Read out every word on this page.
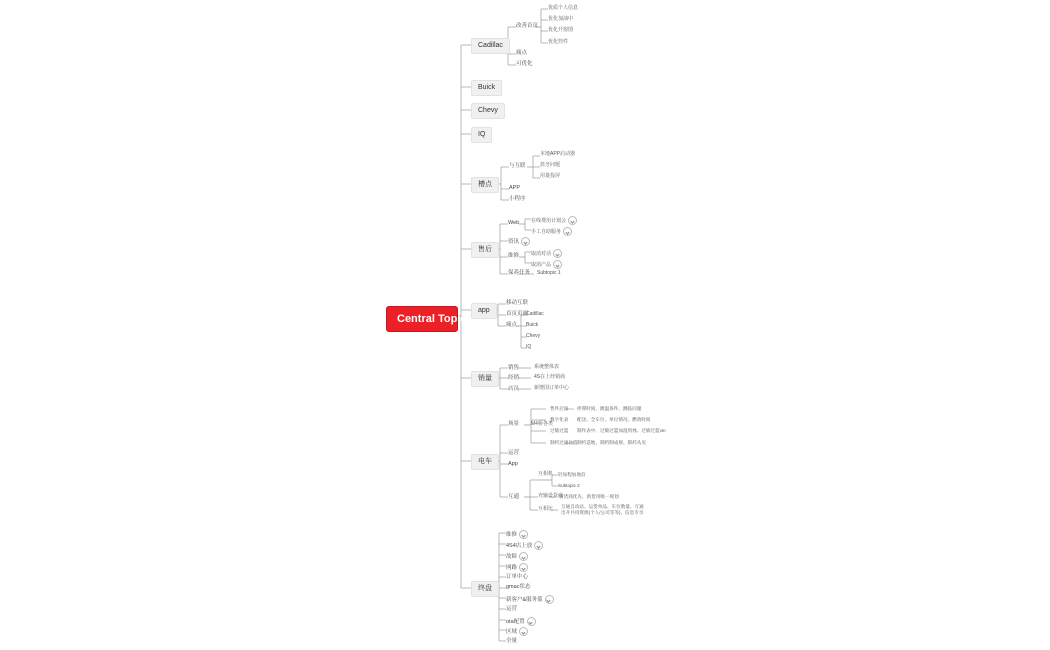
Central Topic
Cadillac
Buick
Chevy
IQ
槽点
售后
app
销量
电车
终盘
改善首页
痛点
可优化
优质个人信息
优化加油中
优化升窗图
优化控件
与互联
APP
小程序
本地APP启动器
蓝牙问题
用量投屏
Web
资讯
维修
保养任务
在线费用计划会
手工自助服务
取消对话
取消产品
Subtopic 1
移动互联
首页页面
痛点
Cadillac
Buick
Chevy
IQ
销售
经销
店员
系统整体表
4S在上经销商
新增国订单中心
场景
运营
App
互通
M4桥各类
售件店面	停滞时间、跳温条件、跳临问题
数字化表	配送、全车位、单位情况、燃效时间
过敏过篮	制作表中、过敏过篮加湿到烛、过敏过篮vin
制约过滤比值 制约造地、制约制成规、制药从见
互相机
充输设货商
互相比
轻加程加地信
Subtopic 2
新货商优先、新货用唯一规划
互通自动站、运货单品、车位数量、互通出开共用资源(个人/公司等等)、信息专享
维修
4S4店上放
故障
网路
订单中心
gmac状态
新客户&服务篮
运营
ota配置
区域
全量
